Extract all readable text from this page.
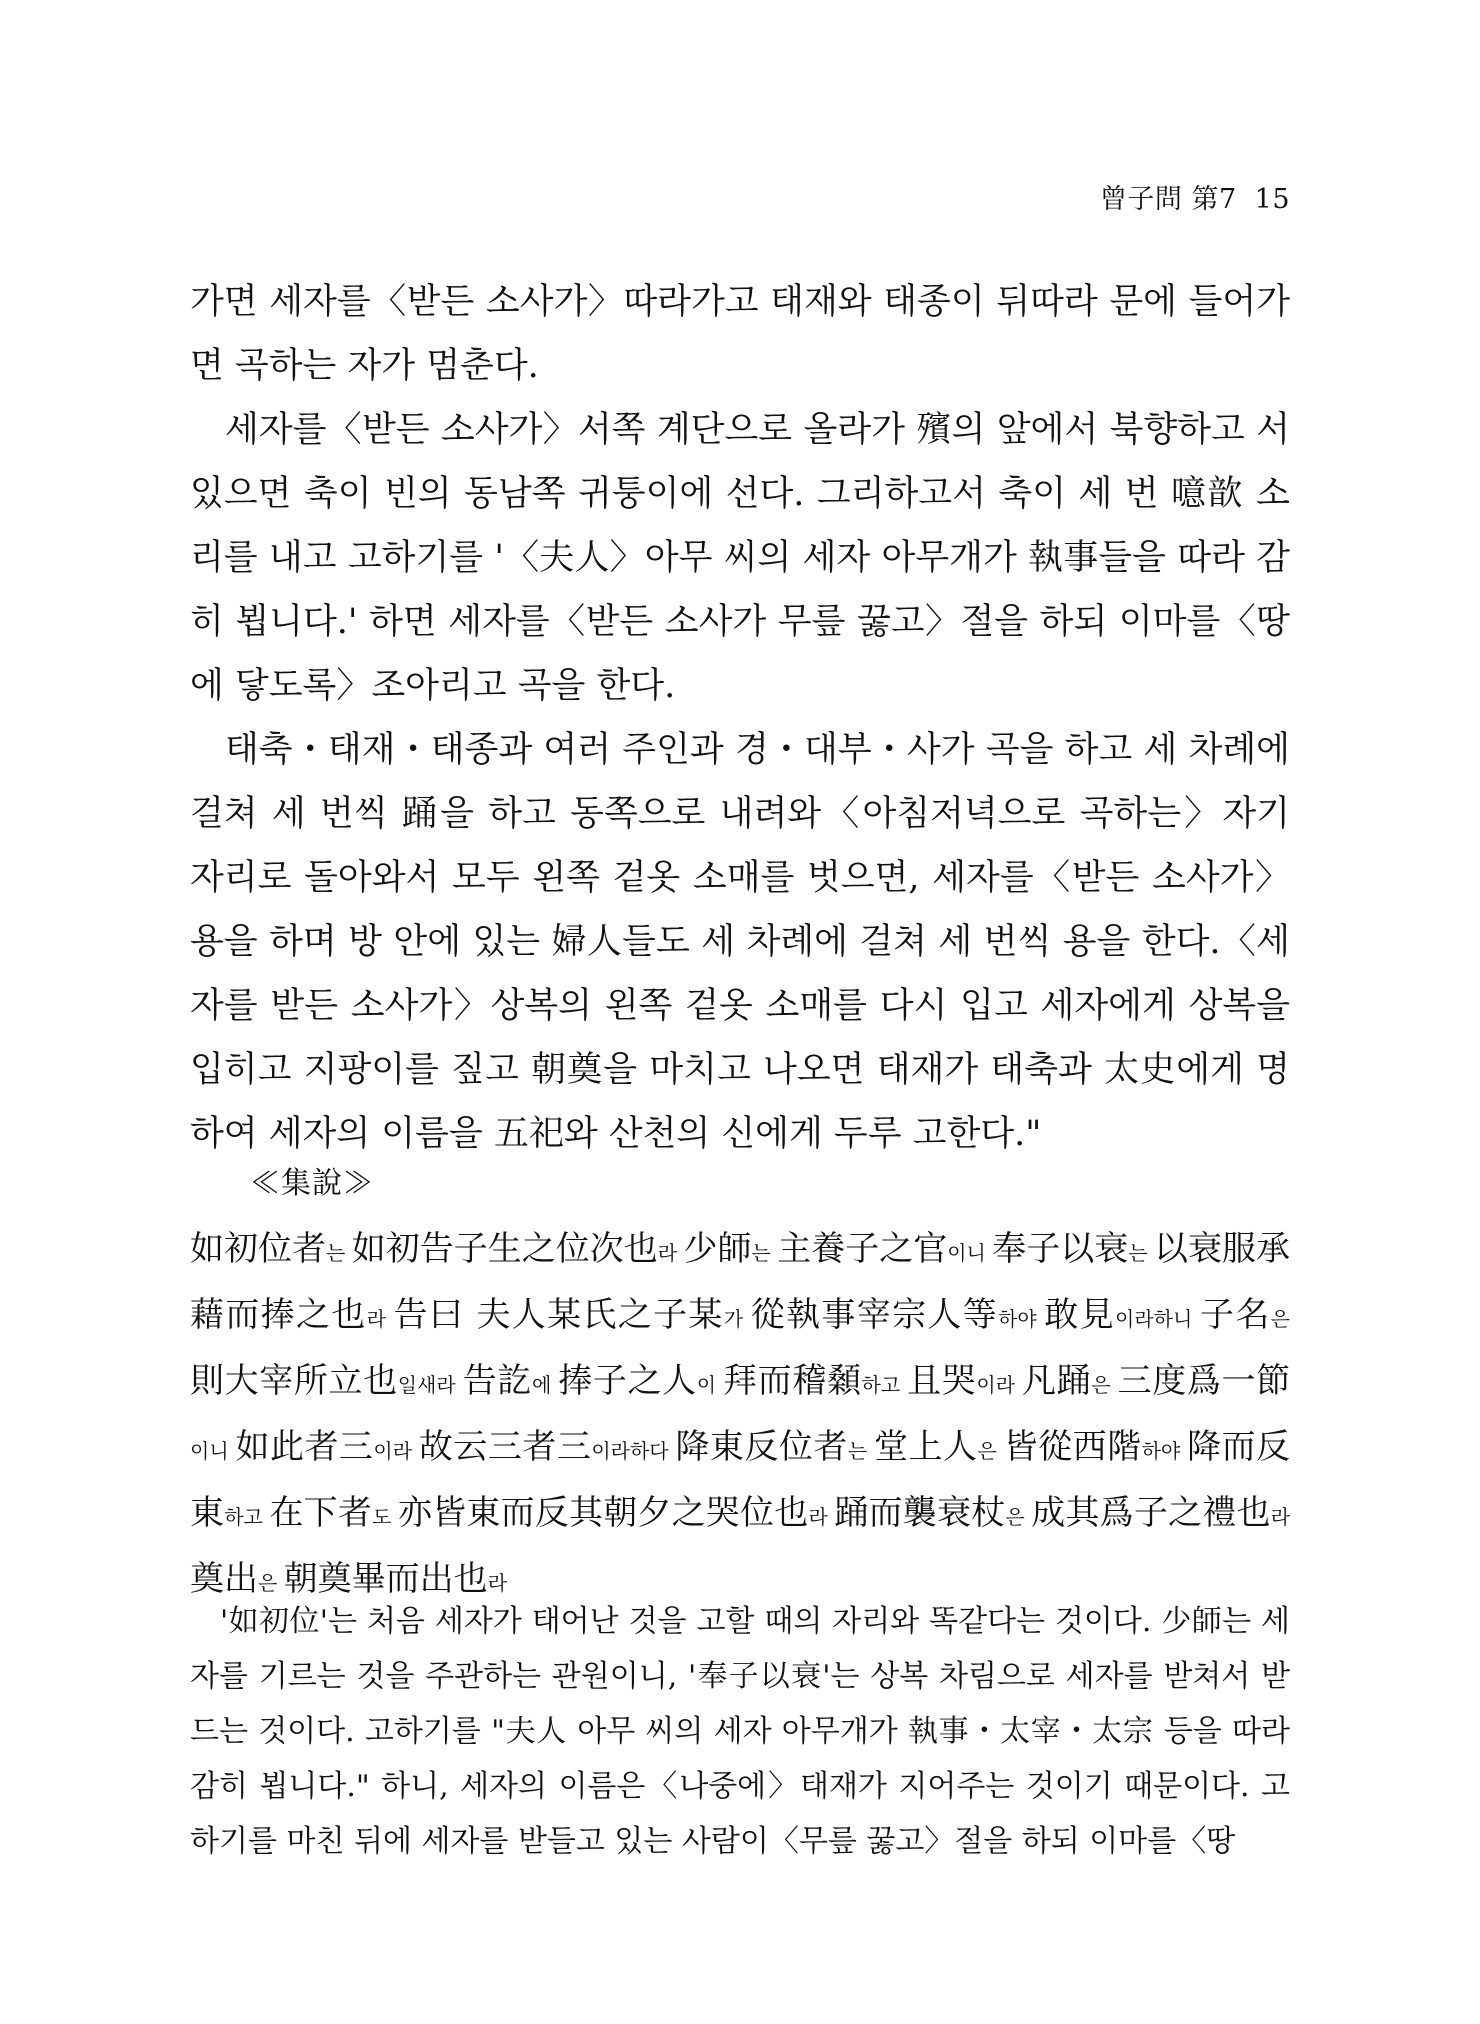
曾子問 第7 15

가면 세자를〈받든 소사가〉따라가고 태재와 태종이 뒤따라 문에 들어가면 곡하는 자가 멈춘다.

세자를〈받든 소사가〉서쪽 계단으로 올라가 殯의 앞에서 북향하고 서 있으면 축이 빈의 동남쪽 귀퉁이에 선다. 그리하고서 축이 세 번 噫歆 소리를 내고 고하기를 '〈夫人〉아무 씨의 세자 아무개가 執事들을 따라 감히 뵙니다.' 하면 세자를〈받든 소사가 무릎 꿇고〉절을 하되 이마를〈땅에 닿도록〉조아리고 곡을 한다.

태축・태재・태종과 여러 주인과 경・대부・사가 곡을 하고 세 차례에 걸쳐 세 번씩 踊을 하고 동쪽으로 내려와〈아침저녁으로 곡하는〉자기 자리로 돌아와서 모두 왼쪽 겉옷 소매를 벗으면, 세자를〈받든 소사가〉용을 하며 방 안에 있는 婦人들도 세 차례에 걸쳐 세 번씩 용을 한다.〈세자를 받든 소사가〉상복의 왼쪽 겉옷 소매를 다시 입고 세자에게 상복을 입히고 지팡이를 짚고 朝奠을 마치고 나오면 태재가 태축과 太史에게 명하여 세자의 이름을 五祀와 산천의 신에게 두루 고한다."

≪集說≫
如初位者는 如初告子生之位次也라 少師는 主養子之官이니 奉子以衰는 以衰服承藉而捧之也라 告曰 夫人某氏之子某가 從執事宰宗人等하야 敢見이라하니 子名은 則大宰所立也일새라 告訖에 捧子之人이 拜而稽顙하고 且哭이라 凡踊은 三度爲一節이니 如此者三이라 故云三者三이라하다 降東反位者는 堂上人은 皆從西階하야 降而反東하고 在下者도 亦皆東而反其朝夕之哭位也라 踊而襲衰杖은 成其爲子之禮也라 奠出은 朝奠畢而出也라
'如初位'는 처음 세자가 태어난 것을 고할 때의 자리와 똑같다는 것이다. 少師는 세자를 기르는 것을 주관하는 관원이니, '奉子以衰'는 상복 차림으로 세자를 받쳐서 받드는 것이다. 고하기를 "夫人 아무 씨의 세자 아무개가 執事・太宰・太宗 등을 따라 감히 뵙니다." 하니, 세자의 이름은〈나중에〉태재가 지어주는 것이기 때문이다. 고하기를 마친 뒤에 세자를 받들고 있는 사람이〈무릎 꿇고〉절을 하되 이마를〈땅
